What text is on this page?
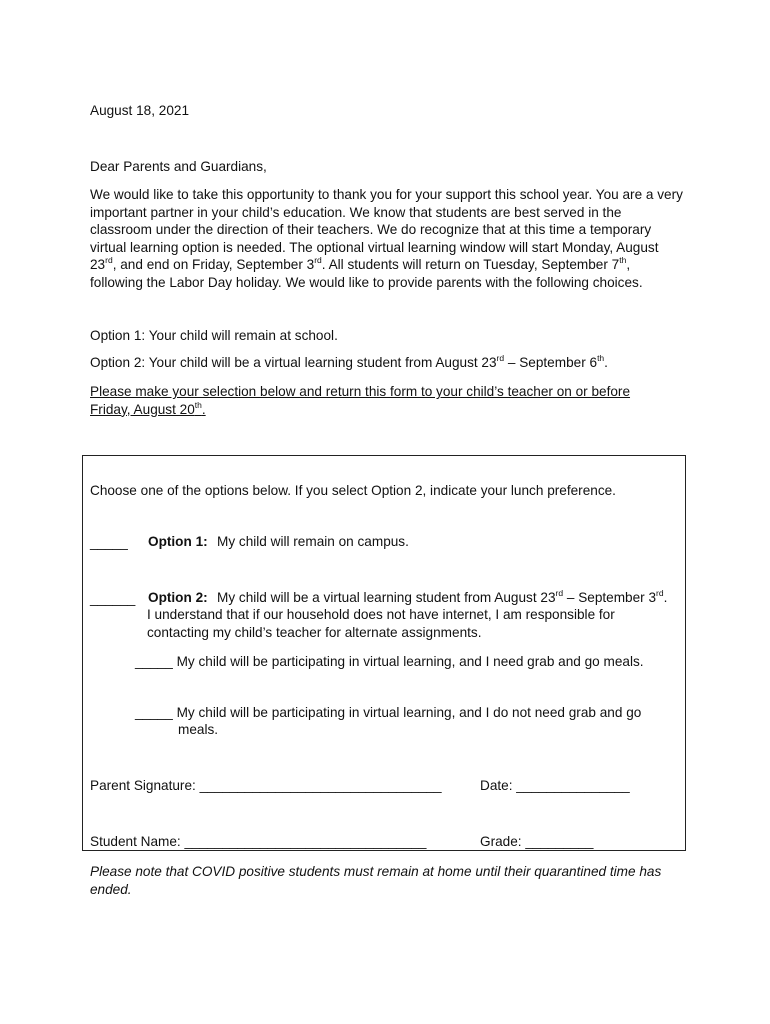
August 18, 2021
Dear Parents and Guardians,
We would like to take this opportunity to thank you for your support this school year. You are a very important partner in your child’s education. We know that students are best served in the classroom under the direction of their teachers. We do recognize that at this time a temporary virtual learning option is needed. The optional virtual learning window will start Monday, August 23rd, and end on Friday, September 3rd. All students will return on Tuesday, September 7th, following the Labor Day holiday. We would like to provide parents with the following choices.
Option 1: Your child will remain at school.
Option 2: Your child will be a virtual learning student from August 23rd – September 6th.
Please make your selection below and return this form to your child’s teacher on or before Friday, August 20th.
Choose one of the options below. If you select Option 2, indicate your lunch preference.
_____ Option 1: My child will remain on campus.
______ Option 2: My child will be a virtual learning student from August 23rd – September 3rd.
I understand that if our household does not have internet, I am responsible for
contacting my child’s teacher for alternate assignments.
_____ My child will be participating in virtual learning, and I need grab and go meals.
_____ My child will be participating in virtual learning, and I do not need grab and go
meals.
Parent Signature: ________________________________	Date: _______________
Student Name: ________________________________	Grade: _________
Please note that COVID positive students must remain at home until their quarantined time has ended.
